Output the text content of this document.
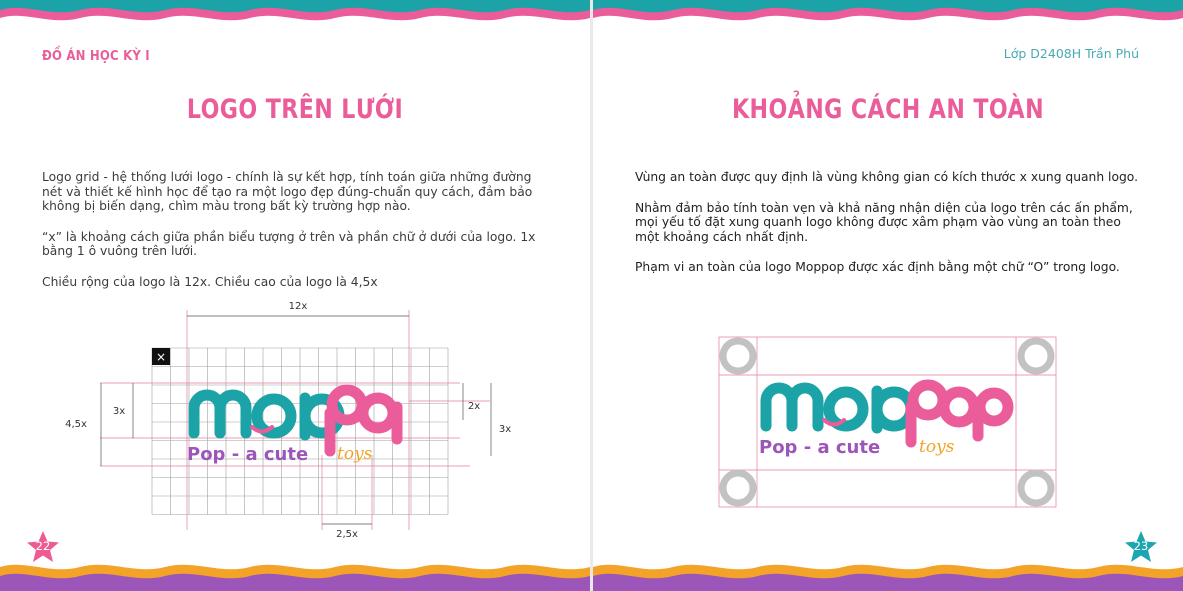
ĐỒ ÁN HỌC KỲ I
LOGO TRÊN LƯỚI

Logo grid - hệ thống lưới logo - chính là sự kết hợp, tính toán giữa những đường nét và thiết kế hình học để tạo ra một logo đẹp đúng-chuẩn quy cách, đảm bảo không bị biến dạng, chìm màu trong bất kỳ trường hợp nào.

“x” là khoảng cách giữa phần biểu tượng ở trên và phần chữ ở dưới của logo. 1x bằng 1 ô vuông trên lưới.

Chiều rộng của logo là 12x. Chiều cao của logo là 4,5x

12x
4,5x
3x	2x
3x
2,5x
×
Pop - a cute toys
22
Lớp D2408H Trần Phú
KHOẢNG CÁCH AN TOÀN

Vùng an toàn được quy định là vùng không gian có kích thước x xung quanh logo.

Nhằm đảm bảo tính toàn vẹn và khả năng nhận diện của logo trên các ấn phẩm, mọi yếu tố đặt xung quanh logo không được xâm phạm vào vùng an toàn theo một khoảng cách nhất định.

Phạm vi an toàn của logo Moppop được xác định bằng một chữ “O” trong logo.

Pop - a cute toys
23
